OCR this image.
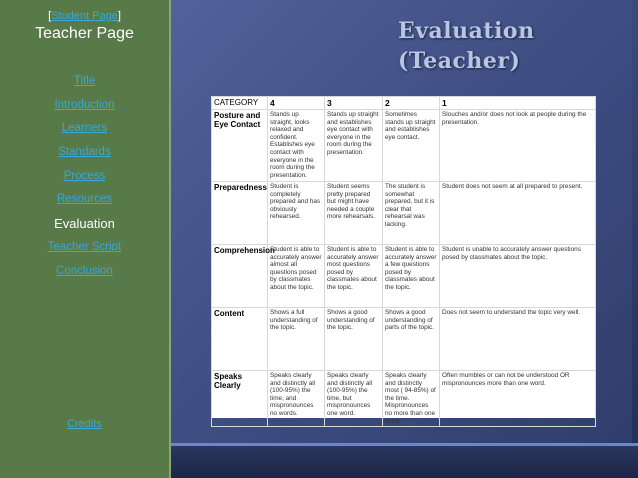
[Student Page]
Teacher Page
Title
Introduction
Learners
Standards
Process
Resources
Evaluation
Teacher Script
Conclusion
Credits
Evaluation
(Teacher)
CATEGORY	4	3	2	1
Posture and Eye Contact	Stands up straight, looks relaxed and confident. Establishes eye contact with everyone in the room during the presentation.	Stands up straight and establishes eye contact with everyone in the room during the presentation.	Sometimes stands up straight and establishes eye contact.	Slouches and/or does not look at people during the presentation.
Preparedness	Student is completely prepared and has obviously rehearsed.	Student seems pretty prepared but might have needed a couple more rehearsals.	The student is somewhat prepared, but it is clear that rehearsal was lacking.	Student does not seem at all prepared to present.
Comprehension	Student is able to accurately answer almost all questions posed by classmates about the topic.	Student is able to accurately answer most questions posed by classmates about the topic.	Student is able to accurately answer a few questions posed by classmates about the topic.	Student is unable to accurately answer questions posed by classmates about the topic.
Content	Shows a full understanding of the topic.	Shows a good understanding of the topic.	Shows a good understanding of parts of the topic.	Does not seem to understand the topic very well.
Speaks Clearly	Speaks clearly and distinctly all (100-95%) the time, and mispronounces no words.	Speaks clearly and distinctly all (100-95%) the time, but mispronounces one word.	Speaks clearly and distinctly most ( 94-85%) of the time. Mispronounces no more than one word.	Often mumbles or can not be understood OR mispronounces more than one word.
